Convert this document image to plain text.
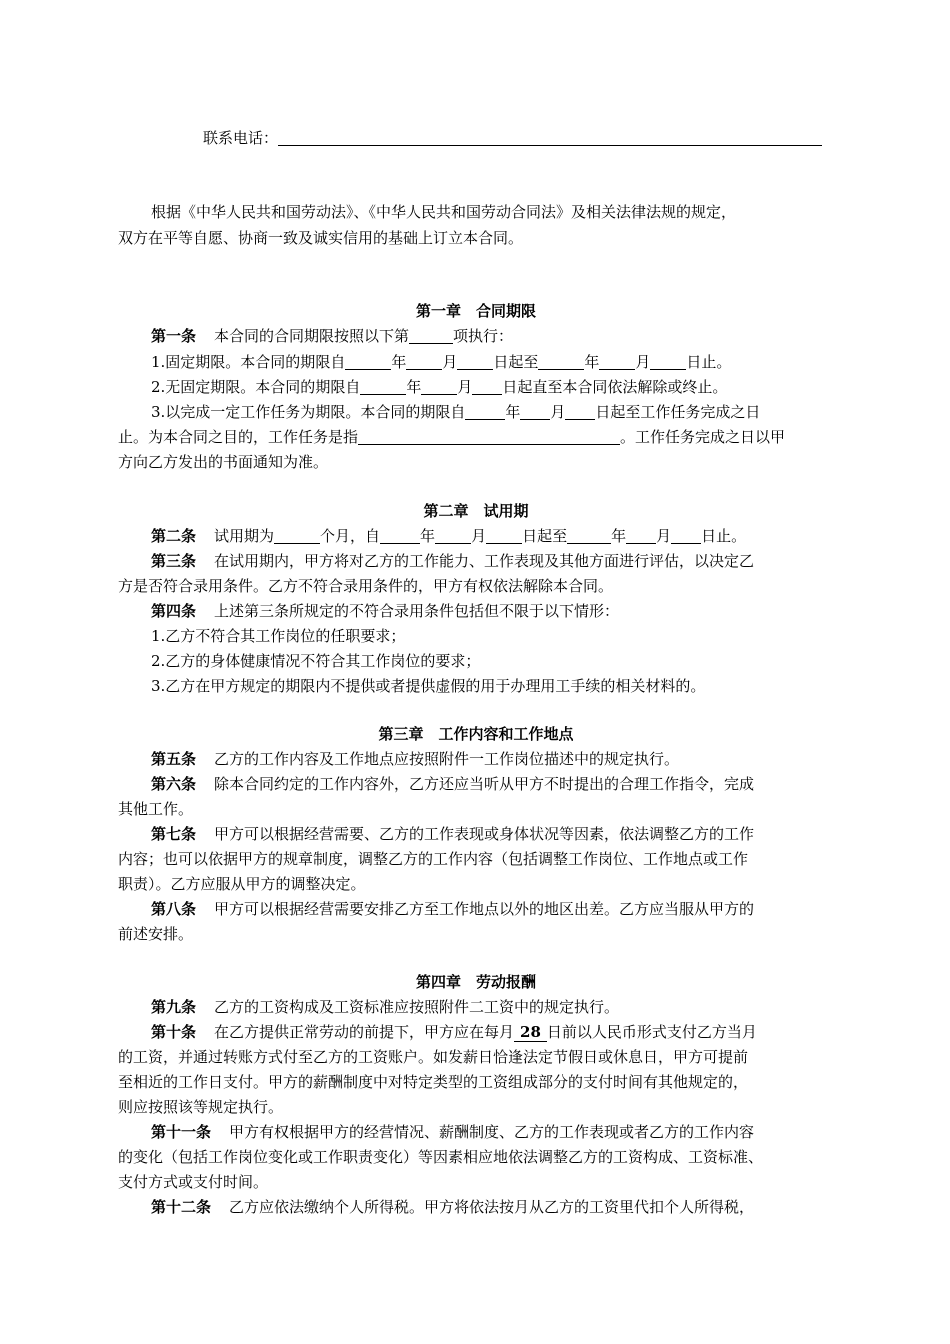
联系电话：
根据《中华人民共和国劳动法》、《中华人民共和国劳动合同法》及相关法律法规的规定，
双方在平等自愿、协商一致及诚实信用的基础上订立本合同。
第一章　合同期限
第一条 本合同的合同期限按照以下第	项执行：
1.固定期限。本合同的期限自	年 月 日起至	年 月 日止。
2.无固定期限。本合同的期限自	年 月 日起直至本合同依法解除或终止。
3.以完成一定工作任务为期限。本合同的期限自	年 月 日起至工作任务完成之日
止。为本合同之目的，工作任务是指	。工作任务完成之日以甲
方向乙方发出的书面通知为准。
第二章　试用期
第二条 试用期为	个月，自	年 月 日起至	年 月 日止。
第三条 在试用期内，甲方将对乙方的工作能力、工作表现及其他方面进行评估，以决定乙
方是否符合录用条件。乙方不符合录用条件的，甲方有权依法解除本合同。
第四条 上述第三条所规定的不符合录用条件包括但不限于以下情形：
1.乙方不符合其工作岗位的任职要求；
2.乙方的身体健康情况不符合其工作岗位的要求；
3.乙方在甲方规定的期限内不提供或者提供虚假的用于办理用工手续的相关材料的。
第三章　工作内容和工作地点
第五条 乙方的工作内容及工作地点应按照附件一工作岗位描述中的规定执行。
第六条 除本合同约定的工作内容外，乙方还应当听从甲方不时提出的合理工作指令，完成
其他工作。
第七条 甲方可以根据经营需要、乙方的工作表现或身体状况等因素，依法调整乙方的工作
内容；也可以依据甲方的规章制度，调整乙方的工作内容（包括调整工作岗位、工作地点或工作
职责）。乙方应服从甲方的调整决定。
第八条 甲方可以根据经营需要安排乙方至工作地点以外的地区出差。乙方应当服从甲方的
前述安排。
第四章　劳动报酬
第九条 乙方的工资构成及工资标准应按照附件二工资中的规定执行。
第十条 在乙方提供正常劳动的前提下，甲方应在每月 28 日前以人民币形式支付乙方当月
的工资，并通过转账方式付至乙方的工资账户。如发薪日恰逢法定节假日或休息日，甲方可提前
至相近的工作日支付。甲方的薪酬制度中对特定类型的工资组成部分的支付时间有其他规定的，
则应按照该等规定执行。
第十一条 甲方有权根据甲方的经营情况、薪酬制度、乙方的工作表现或者乙方的工作内容
的变化（包括工作岗位变化或工作职责变化）等因素相应地依法调整乙方的工资构成、工资标准、
支付方式或支付时间。
第十二条 乙方应依法缴纳个人所得税。甲方将依法按月从乙方的工资里代扣个人所得税，
